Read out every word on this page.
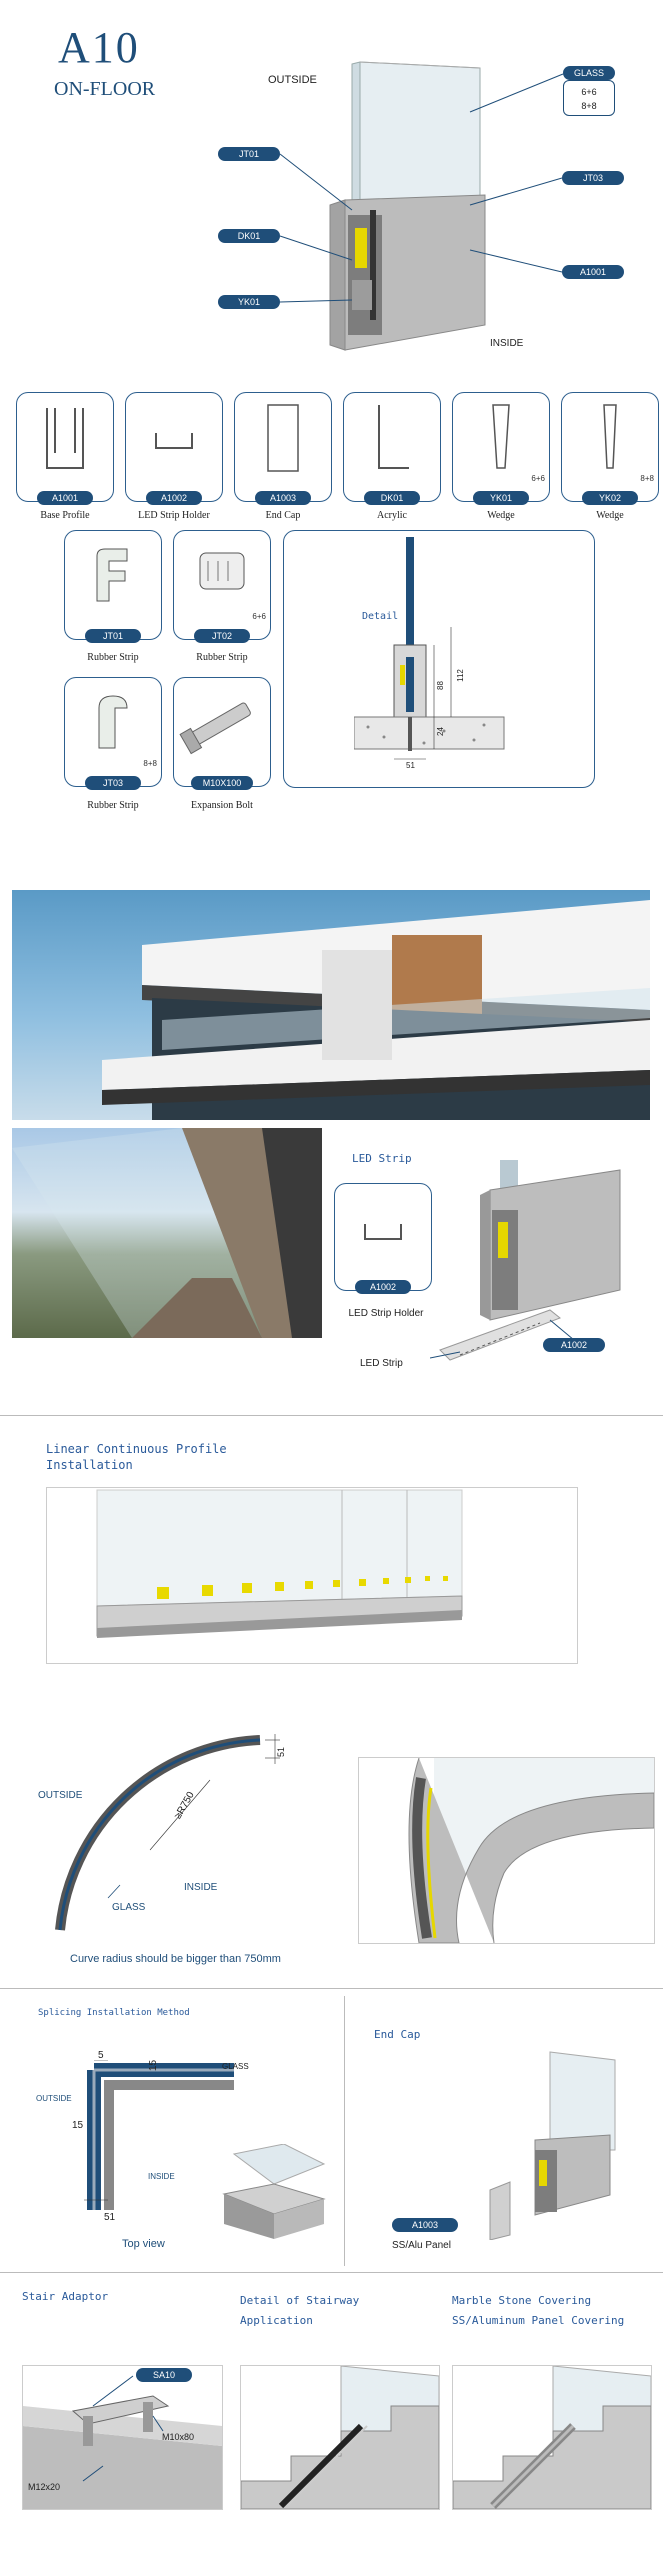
A10
ON-FLOOR	OUTSIDE
INSIDE
GLASS
6+6
8+8
JT01
DK01
YK01
JT03
A1001
A1001	A1002	A1003	DK01
6+6
YK01
8+8
YK02
Base Profile	LED Strip Holder	End Cap	Acrylic	Wedge	Wedge
JT01
6+6
JT02
8+8
JT03	M10X100
Rubber Strip	Rubber Strip
Rubber Strip	Expansion Bolt
Detail
88
112
24
51
LED Strip
A1002
LED Strip Holder
LED Strip
A1002
Linear Continuous Profile
Installation
OUTSIDE
INSIDE
GLASS
≥R750
51
Curve radius should be bigger than 750mm
Splicing Installation Method
5
15
15
51
OUTSIDE
INSIDE
GLASS
Top view
End Cap
A1003
SS/Alu Panel
Stair Adaptor	Detail of Stairway
Application
Marble Stone Covering
SS/Aluminum Panel Covering
SA10
M10x80
M12x20
